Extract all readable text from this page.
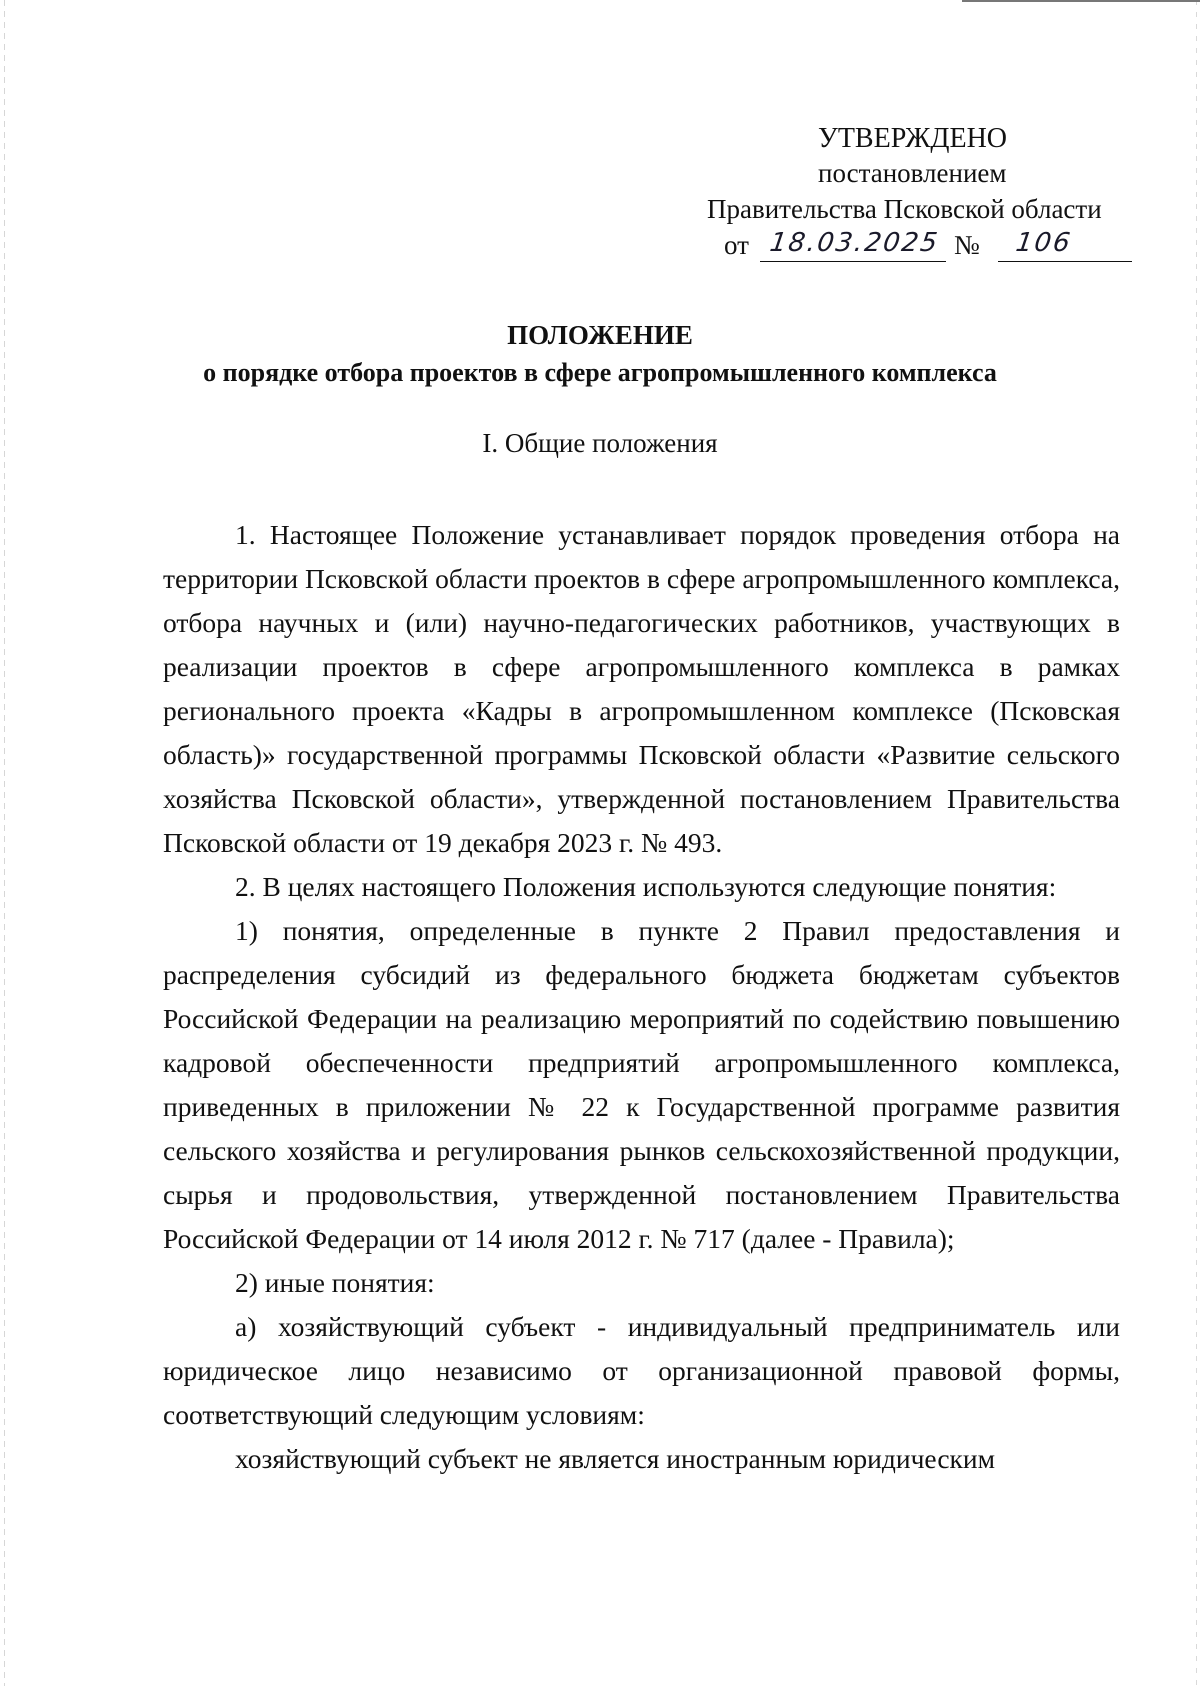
УТВЕРЖДЕНО
постановлением
Правительства Псковской области
от 18.03.2025 № 106
ПОЛОЖЕНИЕ
о порядке отбора проектов в сфере агропромышленного комплекса
I. Общие положения

1. Настоящее Положение устанавливает порядок проведения отбора на территории Псковской области проектов в сфере агропромышленного комплекса, отбора научных и (или) научно-педагогических работников, участвующих в реализации проектов в сфере агропромышленного комплекса в рамках регионального проекта «Кадры в агропромышленном комплексе (Псковская область)» государственной программы Псковской области «Развитие сельского хозяйства Псковской области», утвержденной постановлением Правительства Псковской области от 19 декабря 2023 г. № 493.

2. В целях настоящего Положения используются следующие понятия:

1) понятия, определенные в пункте 2 Правил предоставления и распределения субсидий из федерального бюджета бюджетам субъектов Российской Федерации на реализацию мероприятий по содействию повышению кадровой обеспеченности предприятий агропромышленного комплекса, приведенных в приложении № 22 к Государственной программе развития сельского хозяйства и регулирования рынков сельскохозяйственной продукции, сырья и продовольствия, утвержденной постановлением Правительства Российской Федерации от 14 июля 2012 г. № 717 (далее - Правила);

2) иные понятия:

а) хозяйствующий субъект - индивидуальный предприниматель или юридическое лицо независимо от организационной правовой формы, соответствующий следующим условиям:

хозяйствующий субъект не является иностранным юридическим
